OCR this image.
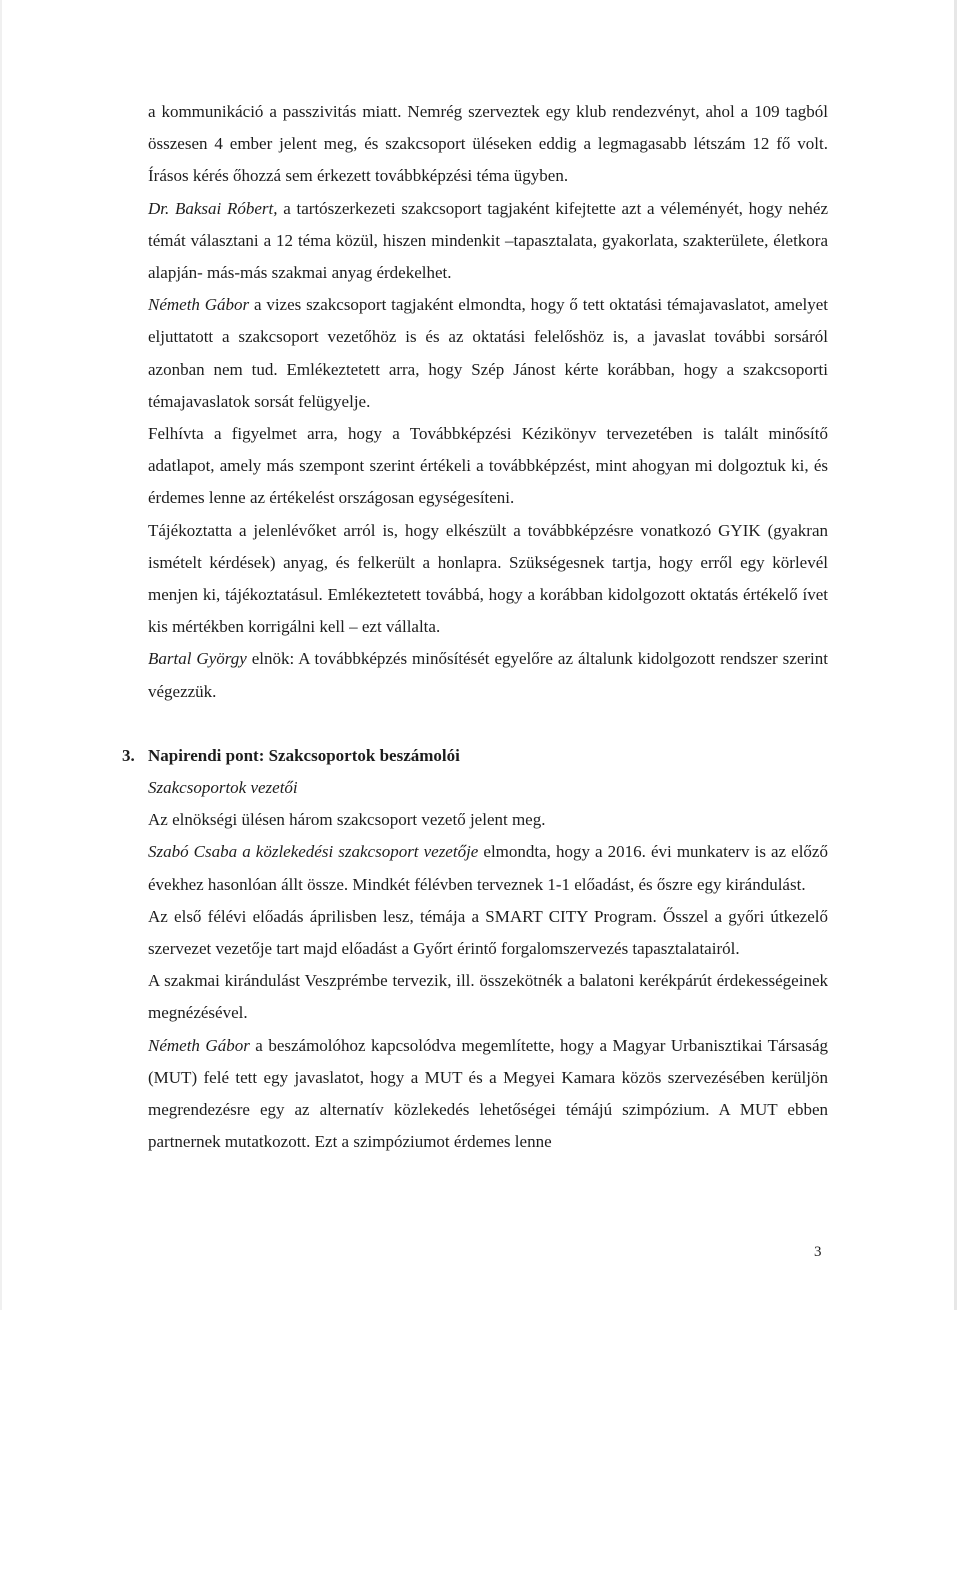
a kommunikáció a passzivitás miatt. Nemrég szerveztek egy klub rendezvényt, ahol a 109 tagból összesen 4 ember jelent meg, és szakcsoport üléseken eddig a legmagasabb létszám 12 fő volt. Írásos kérés őhozzá sem érkezett továbbképzési téma ügyben.

Dr. Baksai Róbert, a tartószerkezeti szakcsoport tagjaként kifejtette azt a véleményét, hogy nehéz témát választani a 12 téma közül, hiszen mindenkit –tapasztalata, gyakorlata, szakterülete, életkora alapján- más-más szakmai anyag érdekelhet.

Németh Gábor a vizes szakcsoport tagjaként elmondta, hogy ő tett oktatási témajavaslatot, amelyet eljuttatott a szakcsoport vezetőhöz is és az oktatási felelőshöz is, a javaslat további sorsáról azonban nem tud. Emlékeztetett arra, hogy Szép Jánost kérte korábban, hogy a szakcsoporti témajavaslatok sorsát felügyelje.

Felhívta a figyelmet arra, hogy a Továbbképzési Kézikönyv tervezetében is talált minősítő adatlapot, amely más szempont szerint értékeli a továbbképzést, mint ahogyan mi dolgoztuk ki, és érdemes lenne az értékelést országosan egységesíteni.

Tájékoztatta a jelenlévőket arról is, hogy elkészült a továbbképzésre vonatkozó GYIK (gyakran ismételt kérdések) anyag, és felkerült a honlapra. Szükségesnek tartja, hogy erről egy körlevél menjen ki, tájékoztatásul. Emlékeztetett továbbá, hogy a korábban kidolgozott oktatás értékelő ívet kis mértékben korrigálni kell – ezt vállalta.

Bartal György elnök: A továbbképzés minősítését egyelőre az általunk kidolgozott rendszer szerint végezzük.

3. Napirendi pont: Szakcsoportok beszámolói

Szakcsoportok vezetői

Az elnökségi ülésen három szakcsoport vezető jelent meg.

Szabó Csaba a közlekedési szakcsoport vezetője elmondta, hogy a 2016. évi munkaterv is az előző évekhez hasonlóan állt össze. Mindkét félévben terveznek 1-1 előadást, és őszre egy kirándulást.

Az első félévi előadás áprilisben lesz, témája a SMART CITY Program. Ősszel a győri útkezelő szervezet vezetője tart majd előadást a Győrt érintő forgalomszervezés tapasztalatairól.

A szakmai kirándulást Veszprémbe tervezik, ill. összekötnék a balatoni kerékpárút érdekességeinek megnézésével.

Németh Gábor a beszámolóhoz kapcsolódva megemlítette, hogy a Magyar Urbanisztikai Társaság (MUT) felé tett egy javaslatot, hogy a MUT és a Megyei Kamara közös szervezésében kerüljön megrendezésre egy az alternatív közlekedés lehetőségei témájú szimpózium. A MUT ebben partnernek mutatkozott. Ezt a szimpóziumot érdemes lenne

3
